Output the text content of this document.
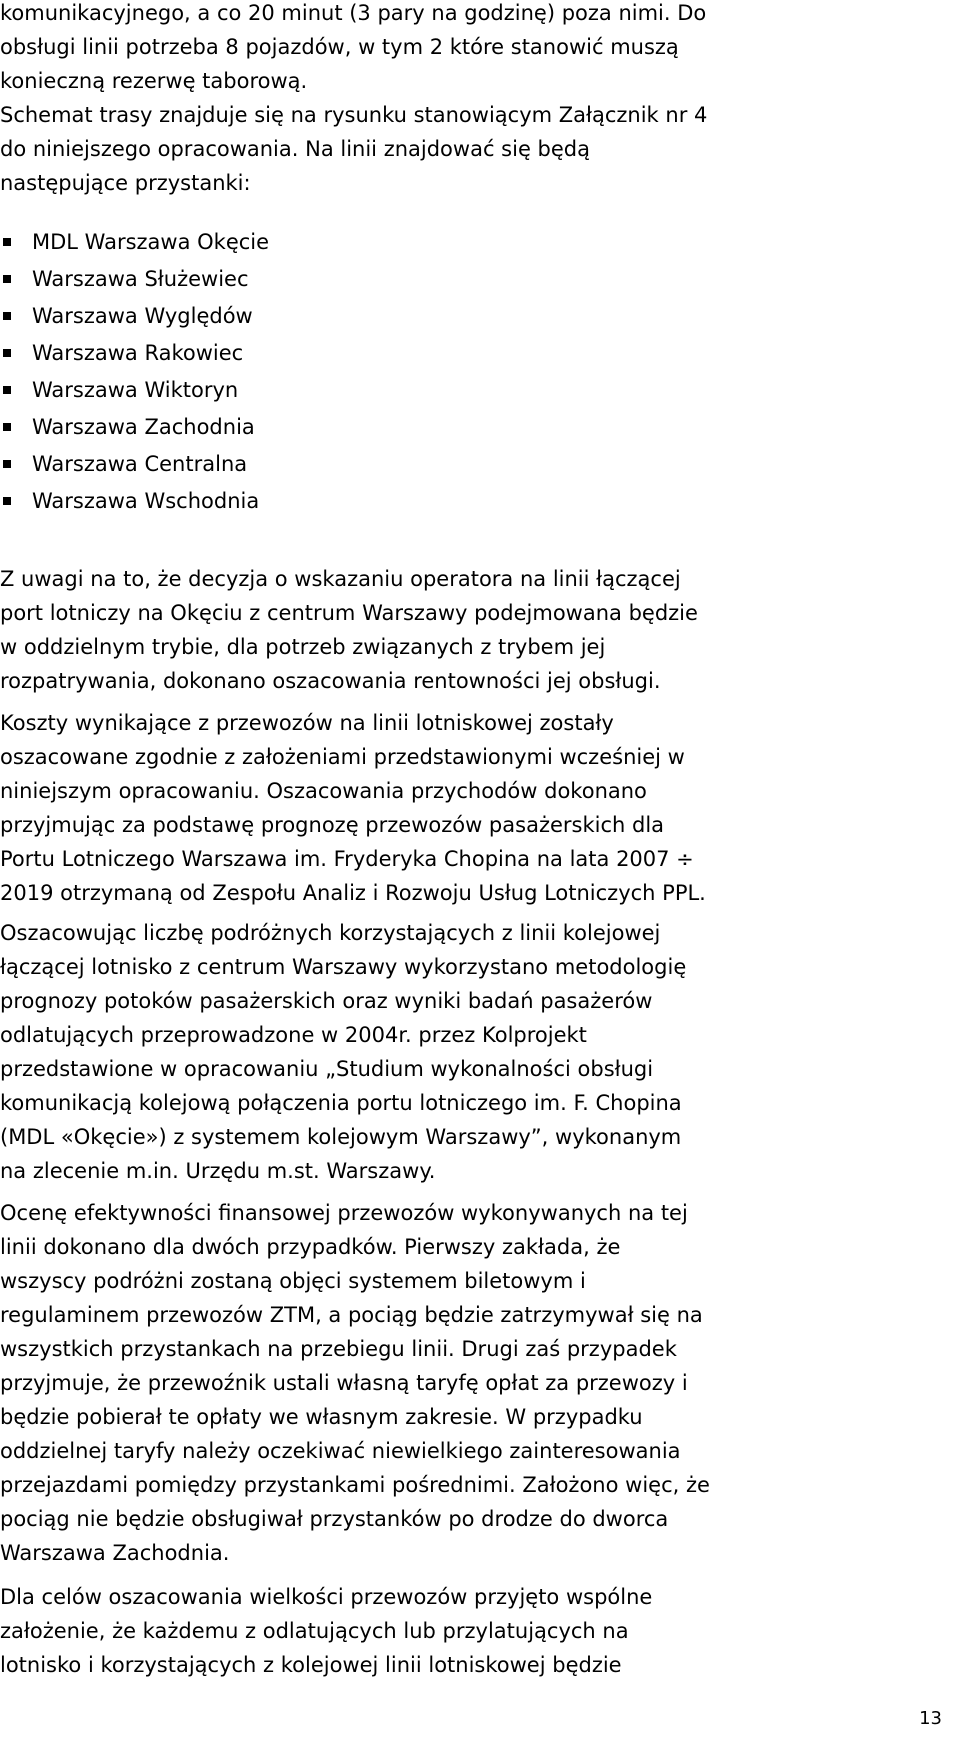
komunikacyjnego, a co 20 minut (3 pary na godzinę) poza nimi. Do
obsługi linii potrzeba 8 pojazdów, w tym 2 które stanowić muszą
konieczną rezerwę taborową.

Schemat trasy znajduje się na rysunku stanowiącym Załącznik nr 4
do niniejszego opracowania. Na linii znajdować się będą
następujące przystanki:

MDL Warszawa Okęcie
Warszawa Służewiec
Warszawa Wyględów
Warszawa Rakowiec
Warszawa Wiktoryn
Warszawa Zachodnia
Warszawa Centralna
Warszawa Wschodnia

Z uwagi na to, że decyzja o wskazaniu operatora na linii łączącej
port lotniczy na Okęciu z centrum Warszawy podejmowana będzie
w oddzielnym trybie, dla potrzeb związanych z trybem jej
rozpatrywania, dokonano oszacowania rentowności jej obsługi.

Koszty wynikające z przewozów na linii lotniskowej zostały
oszacowane zgodnie z założeniami przedstawionymi wcześniej w
niniejszym opracowaniu. Oszacowania przychodów dokonano
przyjmując za podstawę prognozę przewozów pasażerskich dla
Portu Lotniczego Warszawa im. Fryderyka Chopina na lata 2007 ÷
2019 otrzymaną od Zespołu Analiz i Rozwoju Usług Lotniczych PPL.

Oszacowując liczbę podróżnych korzystających z linii kolejowej
łączącej lotnisko z centrum Warszawy wykorzystano metodologię
prognozy potoków pasażerskich oraz wyniki badań pasażerów
odlatujących przeprowadzone w 2004r. przez Kolprojekt
przedstawione w opracowaniu „Studium wykonalności obsługi
komunikacją kolejową połączenia portu lotniczego im. F. Chopina
(MDL «Okęcie») z systemem kolejowym Warszawy”, wykonanym
na zlecenie m.in. Urzędu m.st. Warszawy.

Ocenę efektywności finansowej przewozów wykonywanych na tej
linii dokonano dla dwóch przypadków. Pierwszy zakłada, że
wszyscy podróżni zostaną objęci systemem biletowym i
regulaminem przewozów ZTM, a pociąg będzie zatrzymywał się na
wszystkich przystankach na przebiegu linii. Drugi zaś przypadek
przyjmuje, że przewoźnik ustali własną taryfę opłat za przewozy i
będzie pobierał te opłaty we własnym zakresie. W przypadku
oddzielnej taryfy należy oczekiwać niewielkiego zainteresowania
przejazdami pomiędzy przystankami pośrednimi. Założono więc, że
pociąg nie będzie obsługiwał przystanków po drodze do dworca
Warszawa Zachodnia.

Dla celów oszacowania wielkości przewozów przyjęto wspólne
założenie, że każdemu z odlatujących lub przylatujących na
lotnisko i korzystających z kolejowej linii lotniskowej będzie

13
